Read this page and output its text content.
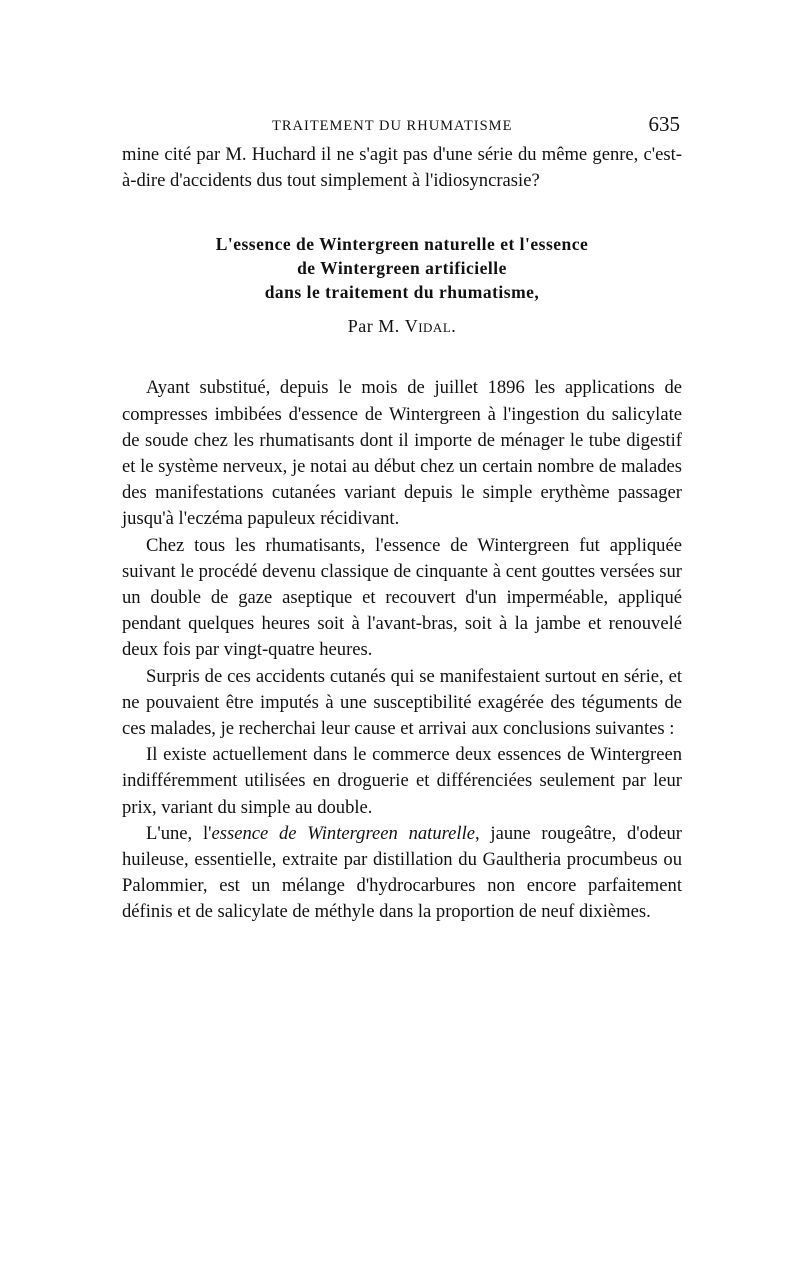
TRAITEMENT DU RHUMATISME	635

mine cité par M. Huchard il ne s'agit pas d'une série du même genre, c'est-à-dire d'accidents dus tout simplement à l'idiosyncrasie?

L'essence de Wintergreen naturelle et l'essence
de Wintergreen artificielle
dans le traitement du rhumatisme,
Par M. Vidal.

Ayant substitué, depuis le mois de juillet 1896 les applications de compresses imbibées d'essence de Wintergreen à l'ingestion du salicylate de soude chez les rhumatisants dont il importe de ménager le tube digestif et le système nerveux, je notai au début chez un certain nombre de malades des manifestations cutanées variant depuis le simple erythème passager jusqu'à l'eczéma papuleux récidivant.

Chez tous les rhumatisants, l'essence de Wintergreen fut appliquée suivant le procédé devenu classique de cinquante à cent gouttes versées sur un double de gaze aseptique et recouvert d'un imperméable, appliqué pendant quelques heures soit à l'avant-bras, soit à la jambe et renouvelé deux fois par vingt-quatre heures.

Surpris de ces accidents cutanés qui se manifestaient surtout en série, et ne pouvaient être imputés à une susceptibilité exagérée des téguments de ces malades, je recherchai leur cause et arrivai aux conclusions suivantes :

Il existe actuellement dans le commerce deux essences de Wintergreen indifféremment utilisées en droguerie et différenciées seulement par leur prix, variant du simple au double.

L'une, l'essence de Wintergreen naturelle, jaune rougeâtre, d'odeur huileuse, essentielle, extraite par distillation du Gaultheria procumbeus ou Palommier, est un mélange d'hydrocarbures non encore parfaitement définis et de salicylate de méthyle dans la proportion de neuf dixièmes.
